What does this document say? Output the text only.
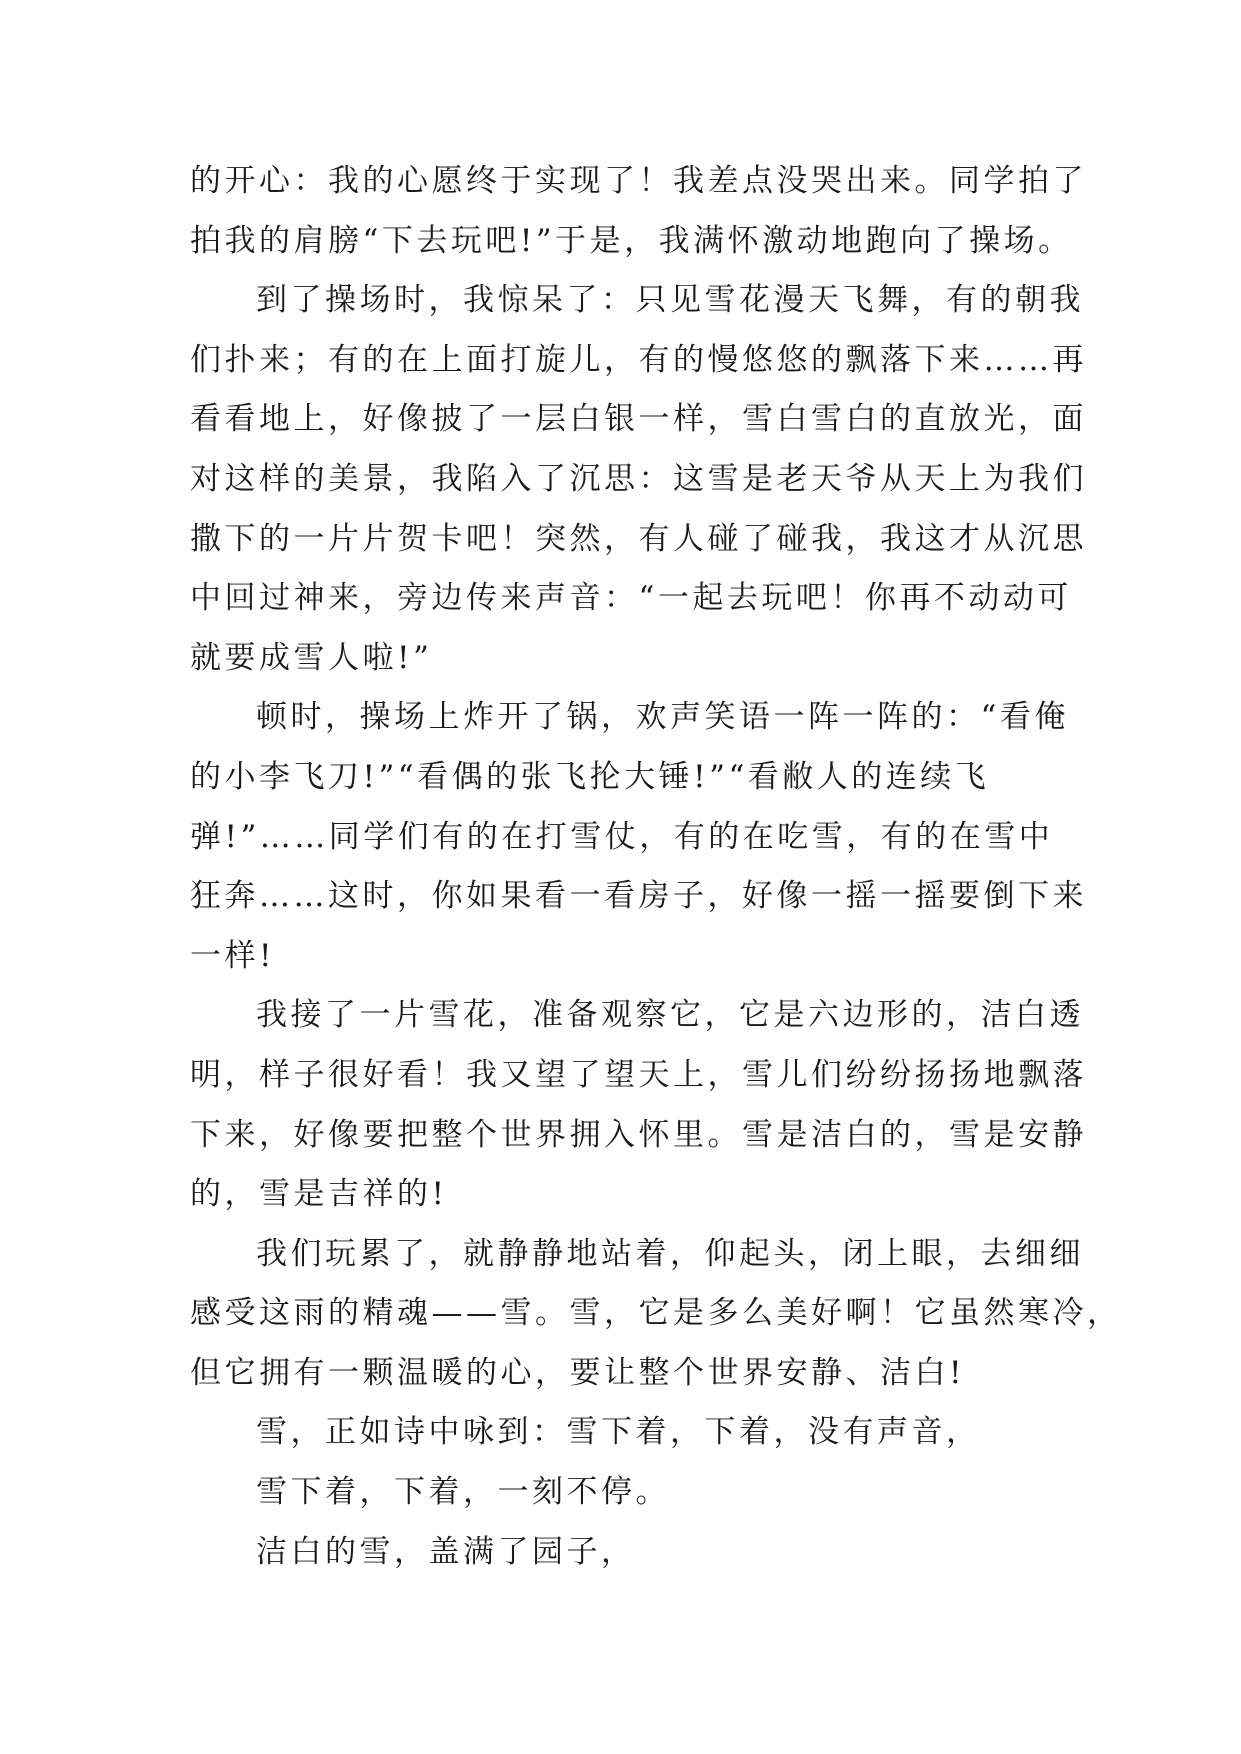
的开心：我的心愿终于实现了！我差点没哭出来。同学拍了
拍我的肩膀“下去玩吧!”于是，我满怀激动地跑向了操场。
到了操场时，我惊呆了：只见雪花漫天飞舞，有的朝我
们扑来；有的在上面打旋儿，有的慢悠悠的飘落下来……再
看看地上，好像披了一层白银一样，雪白雪白的直放光，面
对这样的美景，我陷入了沉思：这雪是老天爷从天上为我们
撒下的一片片贺卡吧！突然，有人碰了碰我，我这才从沉思
中回过神来，旁边传来声音：“一起去玩吧！你再不动动可
就要成雪人啦!”
顿时，操场上炸开了锅，欢声笑语一阵一阵的：“看俺
的小李飞刀!”“看偶的张飞抡大锤!”“看敝人的连续飞
弹!”……同学们有的在打雪仗，有的在吃雪，有的在雪中
狂奔……这时，你如果看一看房子，好像一摇一摇要倒下来
一样!
我接了一片雪花，准备观察它，它是六边形的，洁白透
明，样子很好看！我又望了望天上，雪儿们纷纷扬扬地飘落
下来，好像要把整个世界拥入怀里。雪是洁白的，雪是安静
的，雪是吉祥的!
我们玩累了，就静静地站着，仰起头，闭上眼，去细细
感受这雨的精魂——雪。雪，它是多么美好啊！它虽然寒冷，
但它拥有一颗温暖的心，要让整个世界安静、洁白!
雪，正如诗中咏到：雪下着，下着，没有声音，
雪下着，下着，一刻不停。
洁白的雪，盖满了园子，
